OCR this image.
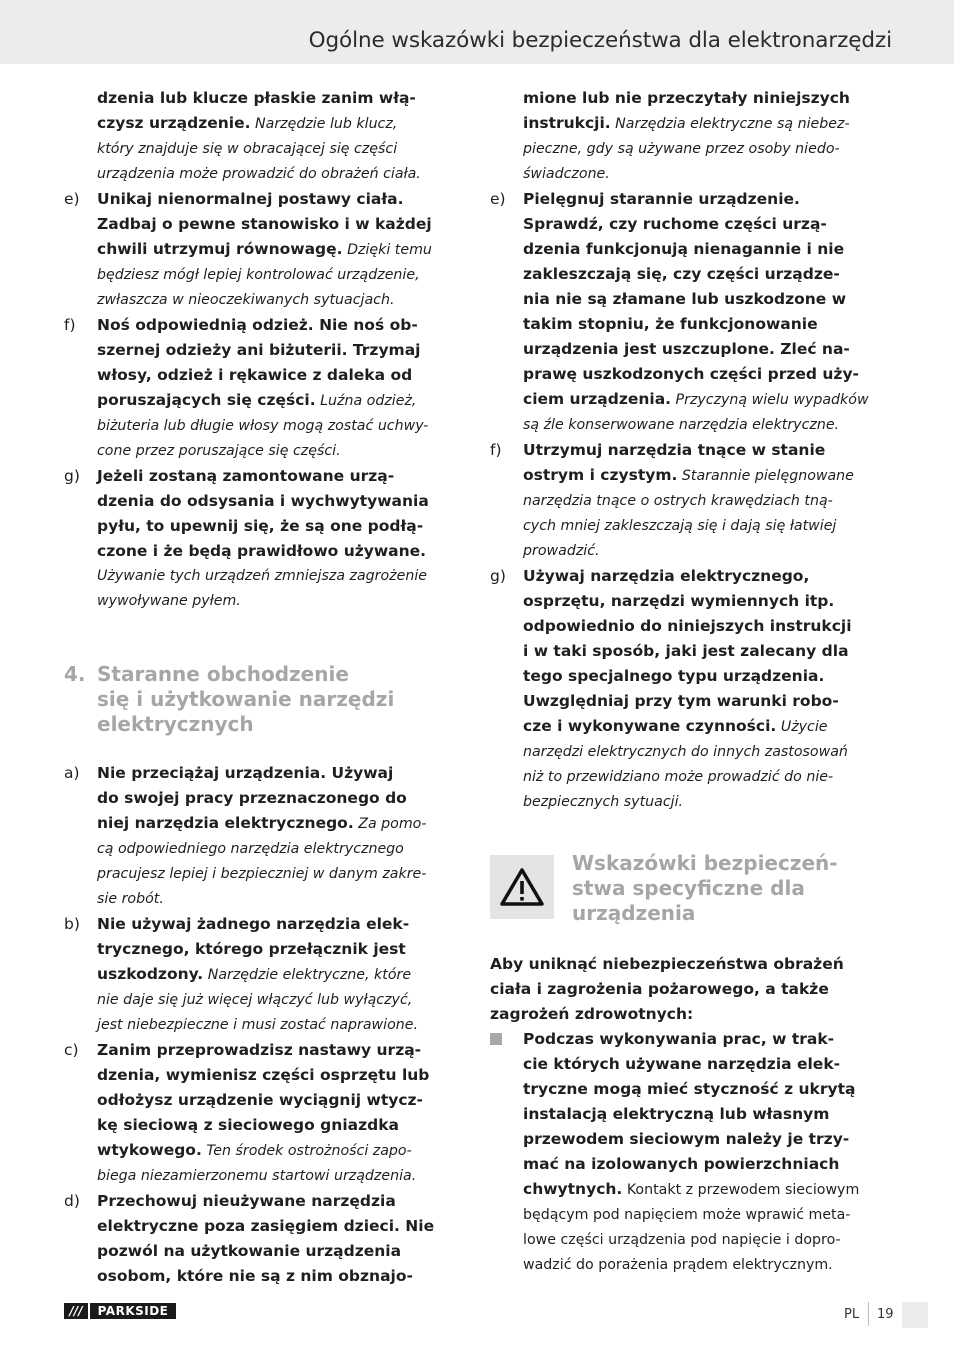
Ogólne wskazówki bezpieczeństwa dla elektronarzędzi
dzenia lub klucze płaskie zanim włą-
czysz urządzenie. Narzędzie lub klucz,
który znajduje się w obracającej się części
urządzenia może prowadzić do obrażeń ciała.
e)	Unikaj nienormalnej postawy ciała.
Zadbaj o pewne stanowisko i w każdej
chwili utrzymuj równowagę. Dzięki temu
będziesz mógł lepiej kontrolować urządzenie,
zwłaszcza w nieoczekiwanych sytuacjach.
f)	Noś odpowiednią odzież. Nie noś ob-
szernej odzieży ani biżuterii. Trzymaj
włosy, odzież i rękawice z daleka od
poruszających się części. Luźna odzież,
biżuteria lub długie włosy mogą zostać uchwy-
cone przez poruszające się części.
g)	Jeżeli zostaną zamontowane urzą-
dzenia do odsysania i wychwytywania
pyłu, to upewnij się, że są one podłą-
czone i że będą prawidłowo używane.
Używanie tych urządzeń zmniejsza zagrożenie
wywoływane pyłem.
4. Staranne obchodzenie
się i użytkowanie narzędzi
elektrycznych
a)	Nie przeciążaj urządzenia. Używaj
do swojej pracy przeznaczonego do
niej narzędzia elektrycznego. Za pomo-
cą odpowiedniego narzędzia elektrycznego
pracujesz lepiej i bezpieczniej w danym zakre-
sie robót.
b)	Nie używaj żadnego narzędzia elek-
trycznego, którego przełącznik jest
uszkodzony. Narzędzie elektryczne, które
nie daje się już więcej włączyć lub wyłączyć,
jest niebezpieczne i musi zostać naprawione.
c)	Zanim przeprowadzisz nastawy urzą-
dzenia, wymienisz części osprzętu lub
odłożysz urządzenie wyciągnij wtycz-
kę sieciową z sieciowego gniazdka
wtykowego. Ten środek ostrożności zapo-
biega niezamierzonemu startowi urządzenia.
d)	Przechowuj nieużywane narzędzia
elektryczne poza zasięgiem dzieci. Nie
pozwól na użytkowanie urządzenia
osobom, które nie są z nim obznajo-
mione lub nie przeczytały niniejszych
instrukcji. Narzędzia elektryczne są niebez-
pieczne, gdy są używane przez osoby niedo-
świadczone.
e)	Pielęgnuj starannie urządzenie.
Sprawdź, czy ruchome części urzą-
dzenia funkcjonują nienagannie i nie
zakleszczają się, czy części urządze-
nia nie są złamane lub uszkodzone w
takim stopniu, że funkcjonowanie
urządzenia jest uszczuplone. Zleć na-
prawę uszkodzonych części przed uży-
ciem urządzenia. Przyczyną wielu wypadków
są źle konserwowane narzędzia elektryczne.
f)	Utrzymuj narzędzia tnące w stanie
ostrym i czystym. Starannie pielęgnowane
narzędzia tnące o ostrych krawędziach tną-
cych mniej zakleszczają się i dają się łatwiej
prowadzić.
g)	Używaj narzędzia elektrycznego,
osprzętu, narzędzi wymiennych itp.
odpowiednio do niniejszych instrukcji
i w taki sposób, jaki jest zalecany dla
tego specjalnego typu urządzenia.
Uwzględniaj przy tym warunki robo-
cze i wykonywane czynności. Użycie
narzędzi elektrycznych do innych zastosowań
niż to przewidziano może prowadzić do nie-
bezpiecznych sytuacji.
Wskazówki bezpieczeń-
stwa specyficzne dla
urządzenia
Aby uniknąć niebezpieczeństwa obrażeń
ciała i zagrożenia pożarowego, a także
zagrożeń zdrowotnych:
Podczas wykonywania prac, w trak-
cie których używane narzędzia elek-
tryczne mogą mieć styczność z ukrytą
instalacją elektryczną lub własnym
przewodem sieciowym należy je trzy-
mać na izolowanych powierzchniach
chwytnych. Kontakt z przewodem sieciowym
będącym pod napięciem może wprawić meta-
lowe części urządzenia pod napięcie i dopro-
wadzić do porażenia prądem elektrycznym.
///	PARKSIDE	PL 19
